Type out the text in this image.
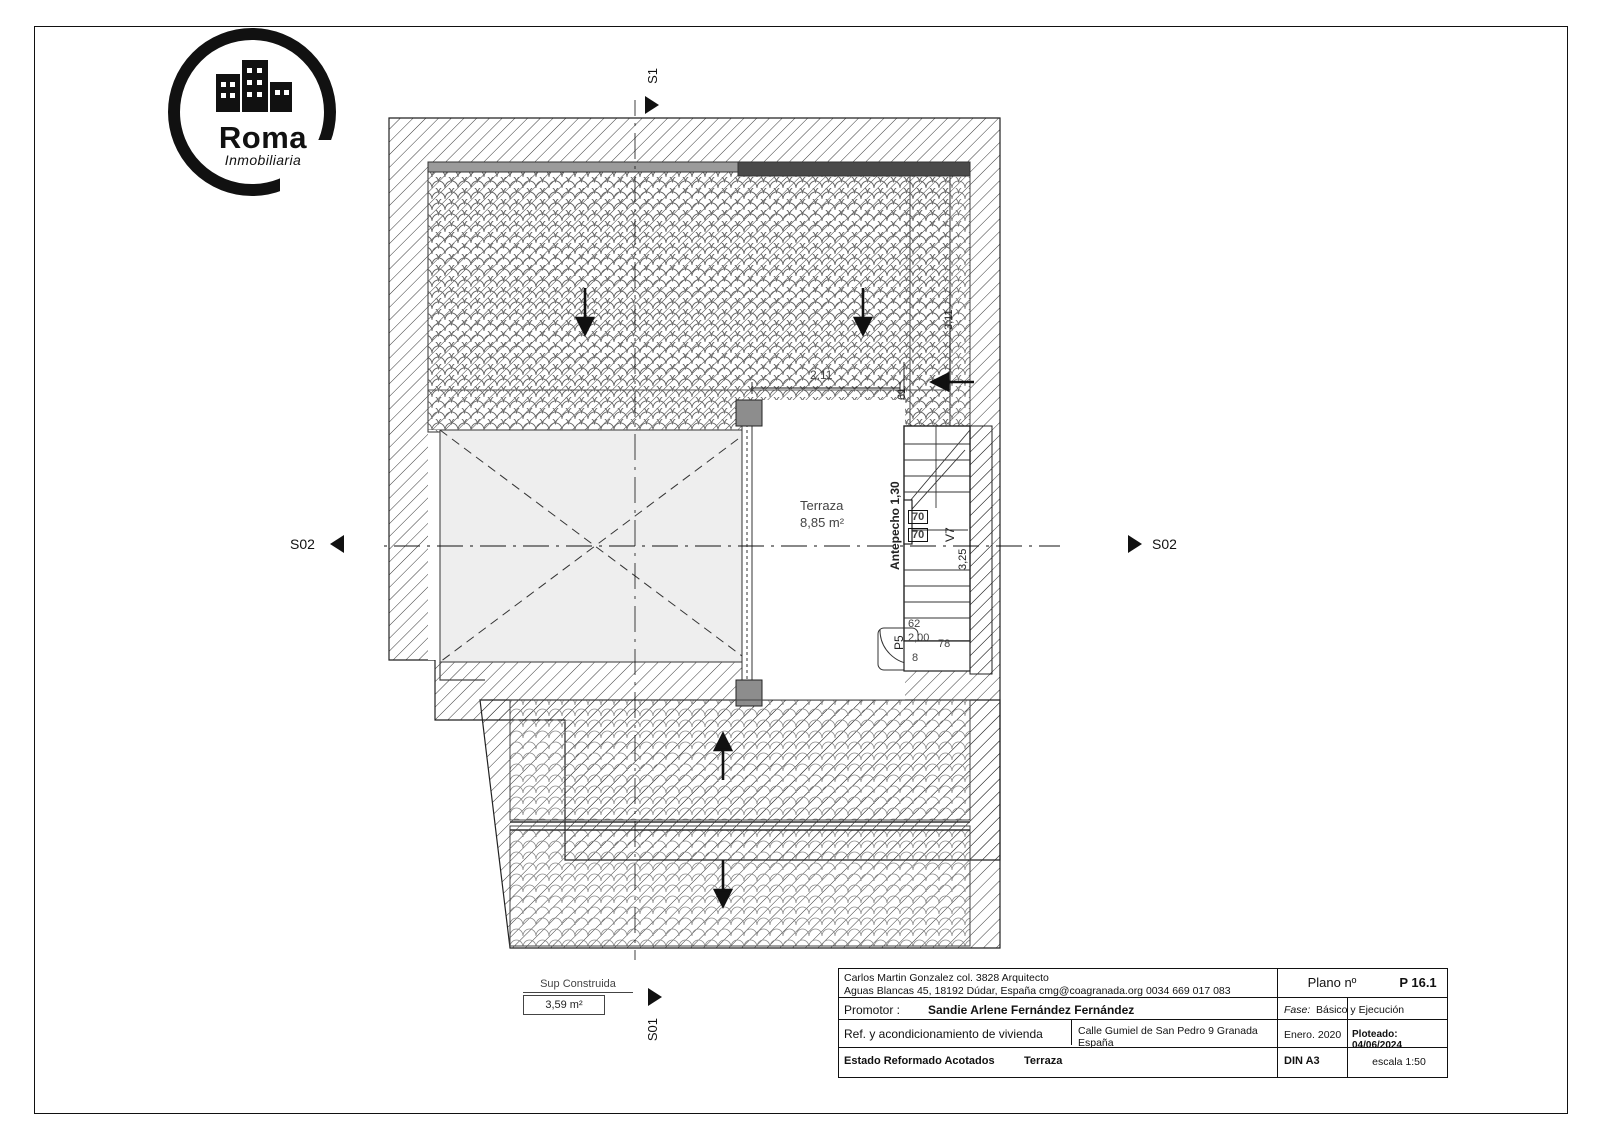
Roma
Inmobiliaria
Terraza
8,85 m²
2,11
61
3,11
Antepecho 1,30	3,25
V7
70
70
P5
62
2,00
8
78
S02	S02
S1
S01
Sup Construida
3,59 m²
Carlos Martin Gonzalez col. 3828 Arquitecto
Aguas Blancas 45, 18192 Dúdar, España cmg@coagranada.org 0034 669 017 083
Plano nº	P 16.1
Promotor :	Sandie Arlene Fernández Fernández	Fase: Básico y Ejecución
Ref. y acondicionamiento de vivienda	Calle Gumiel de San Pedro 9 Granada
España
Enero. 2020	Ploteado: 04/06/2024
Estado Reformado Acotados	Terraza	DIN A3	escala 1:50
